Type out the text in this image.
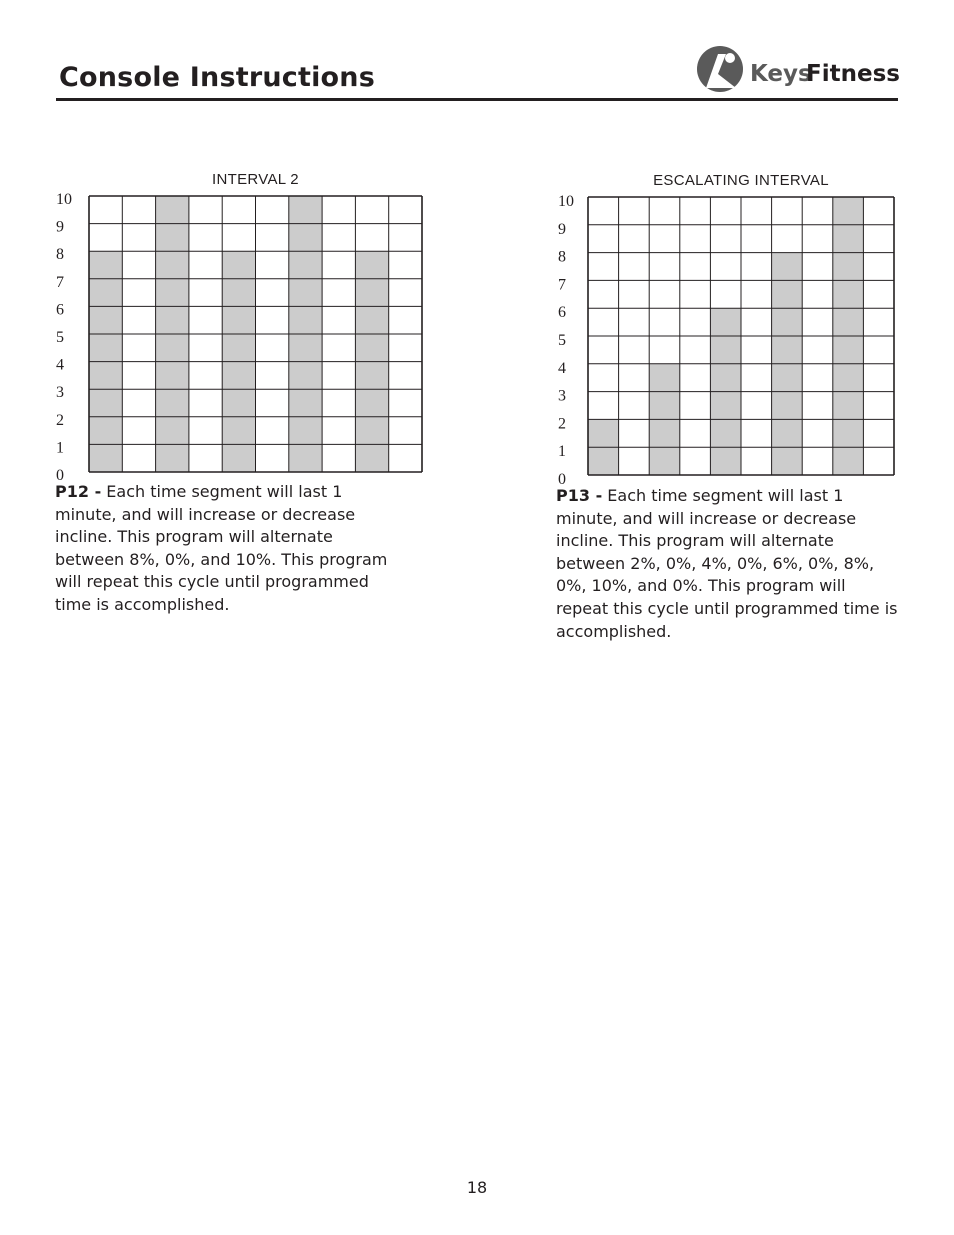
Console Instructions	Keys
Fitness
INTERVAL 2
10
9
8
7
6
5
4
3
2
1
0
ESCALATING INTERVAL
10
9
8
7
6
5
4
3
2
1
0

P12 - Each time segment will last 1 minute, and will increase or decrease incline. This program will alternate between 8%, 0%, and 10%. This program will repeat this cycle until programmed time is accomplished.

P13 - Each time segment will last 1 minute, and will increase or decrease incline. This program will alternate between 2%, 0%, 4%, 0%, 6%, 0%, 8%, 0%, 10%, and 0%. This program will repeat this cycle until programmed time is accomplished.

18
